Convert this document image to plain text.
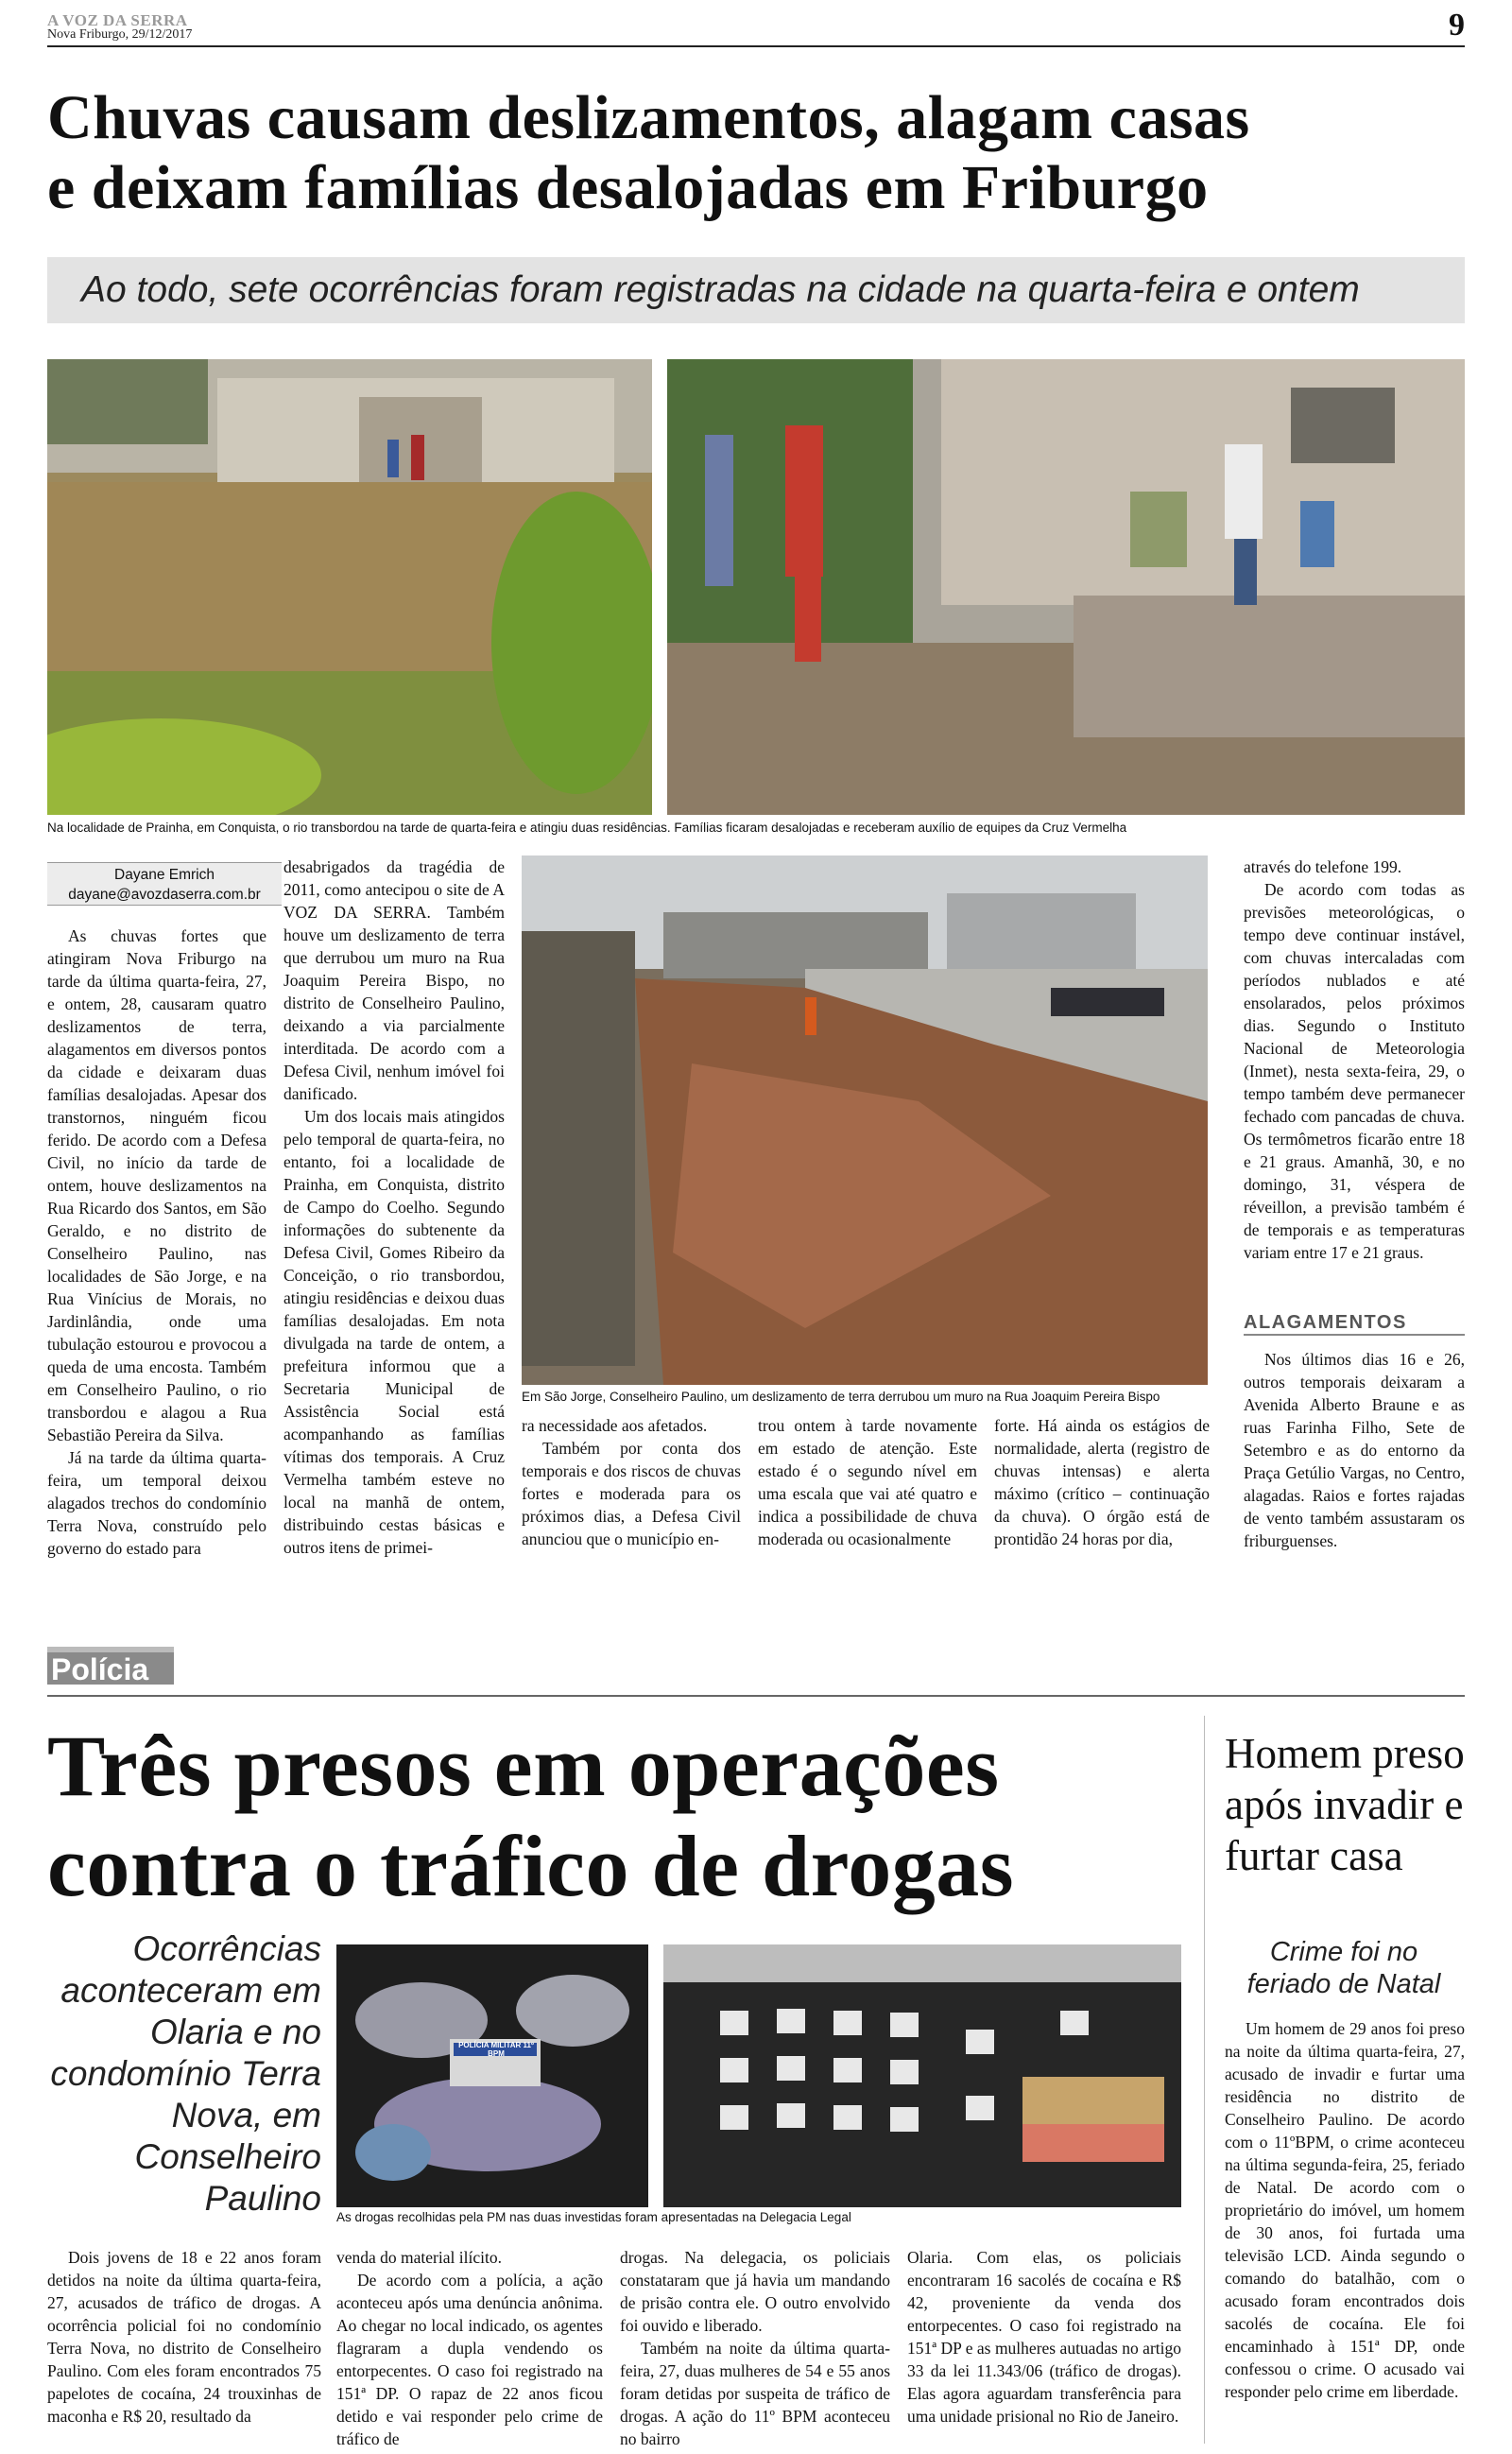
A VOZ DA SERRA
Nova Friburgo, 29/12/2017	9
Chuvas causam deslizamentos, alagam casas
e deixam famílias desalojadas em Friburgo
Ao todo, sete ocorrências foram registradas na cidade na quarta-feira e ontem
Na localidade de Prainha, em Conquista, o rio transbordou na tarde de quarta-feira e atingiu duas residências. Famílias ficaram desalojadas e receberam auxílio de equipes da Cruz Vermelha
Dayane Emrich
dayane@avozdaserra.com.br

As chuvas fortes que atingiram Nova Friburgo na tarde da última quarta-feira, 27, e ontem, 28, causaram quatro deslizamentos de terra, alagamentos em diversos pontos da cidade e deixaram duas famílias desalojadas. Apesar dos transtornos, ninguém ficou ferido. De acordo com a Defesa Civil, no início da tarde de ontem, houve deslizamentos na Rua Ricardo dos Santos, em São Geraldo, e no distrito de Conselheiro Paulino, nas localidades de São Jorge, e na Rua Vinícius de Morais, no Jardinlândia, onde uma tubulação estourou e provocou a queda de uma encosta. Também em Conselheiro Paulino, o rio transbordou e alagou a Rua Sebastião Pereira da Silva.

Já na tarde da última quarta-feira, um temporal deixou alagados trechos do condomínio Terra Nova, construído pelo governo do estado para

desabrigados da tragédia de 2011, como antecipou o site de A VOZ DA SERRA. Também houve um deslizamento de terra que derrubou um muro na Rua Joaquim Pereira Bispo, no distrito de Conselheiro Paulino, deixando a via parcialmente interditada. De acordo com a Defesa Civil, nenhum imóvel foi danificado.

Um dos locais mais atingidos pelo temporal de quarta-feira, no entanto, foi a localidade de Prainha, em Conquista, distrito de Campo do Coelho. Segundo informações do subtenente da Defesa Civil, Gomes Ribeiro da Conceição, o rio transbordou, atingiu residências e deixou duas famílias desalojadas. Em nota divulgada na tarde de ontem, a prefeitura informou que a Secretaria Municipal de Assistência Social está acompanhando as famílias vítimas dos temporais. A Cruz Vermelha também esteve no local na manhã de ontem, distribuindo cestas básicas e outros itens de primei-

Em São Jorge, Conselheiro Paulino, um deslizamento de terra derrubou um muro na Rua Joaquim Pereira Bispo

ra necessidade aos afetados.

Também por conta dos temporais e dos riscos de chuvas fortes e moderada para os próximos dias, a Defesa Civil anunciou que o município en-

trou ontem à tarde novamente em estado de atenção. Este estado é o segundo nível em uma escala que vai até quatro e indica a possibilidade de chuva moderada ou ocasionalmente

forte. Há ainda os estágios de normalidade, alerta (registro de chuvas intensas) e alerta máximo (crítico – continuação da chuva). O órgão está de prontidão 24 horas por dia,

através do telefone 199.

De acordo com todas as previsões meteorológicas, o tempo deve continuar instável, com chuvas intercaladas com períodos nublados e até ensolarados, pelos próximos dias. Segundo o Instituto Nacional de Meteorologia (Inmet), nesta sexta-feira, 29, o tempo também deve permanecer fechado com pancadas de chuva. Os termômetros ficarão entre 18 e 21 graus. Amanhã, 30, e no domingo, 31, véspera de réveillon, a previsão também é de temporais e as temperaturas variam entre 17 e 21 graus.

ALAGAMENTOS

Nos últimos dias 16 e 26, outros temporais deixaram a Avenida Alberto Braune e as ruas Farinha Filho, Sete de Setembro e as do entorno da Praça Getúlio Vargas, no Centro, alagadas. Raios e fortes rajadas de vento também assustaram os friburguenses.

Polícia
Três presos em operações
contra o tráfico de drogas
Ocorrências aconteceram em Olaria e no condomínio Terra Nova, em Conselheiro Paulino
POLÍCIA MILITAR 11º BPM
As drogas recolhidas pela PM nas duas investidas foram apresentadas na Delegacia Legal

Dois jovens de 18 e 22 anos foram detidos na noite da última quarta-feira, 27, acusados de tráfico de drogas. A ocorrência policial foi no condomínio Terra Nova, no distrito de Conselheiro Paulino. Com eles foram encontrados 75 papelotes de cocaína, 24 trouxinhas de maconha e R$ 20, resultado da

venda do material ilícito.

De acordo com a polícia, a ação aconteceu após uma denúncia anônima. Ao chegar no local indicado, os agentes flagraram a dupla vendendo os entorpecentes. O caso foi registrado na 151ª DP. O rapaz de 22 anos ficou detido e vai responder pelo crime de tráfico de

drogas. Na delegacia, os policiais constataram que já havia um mandando de prisão contra ele. O outro envolvido foi ouvido e liberado.

Também na noite da última quarta-feira, 27, duas mulheres de 54 e 55 anos foram detidas por suspeita de tráfico de drogas. A ação do 11º BPM aconteceu no bairro

Olaria. Com elas, os policiais encontraram 16 sacolés de cocaína e R$ 42, proveniente da venda dos entorpecentes. O caso foi registrado na 151ª DP e as mulheres autuadas no artigo 33 da lei 11.343/06 (tráfico de drogas). Elas agora aguardam transferência para uma unidade prisional no Rio de Janeiro.

Homem preso após invadir e furtar casa
Crime foi no feriado de Natal

Um homem de 29 anos foi preso na noite da última quarta-feira, 27, acusado de invadir e furtar uma residência no distrito de Conselheiro Paulino. De acordo com o 11ºBPM, o crime aconteceu na última segunda-feira, 25, feriado de Natal. De acordo com o proprietário do imóvel, um homem de 30 anos, foi furtada uma televisão LCD. Ainda segundo o comando do batalhão, com o acusado foram encontrados dois sacolés de cocaína. Ele foi encaminhado à 151ª DP, onde confessou o crime. O acusado vai responder pelo crime em liberdade.
